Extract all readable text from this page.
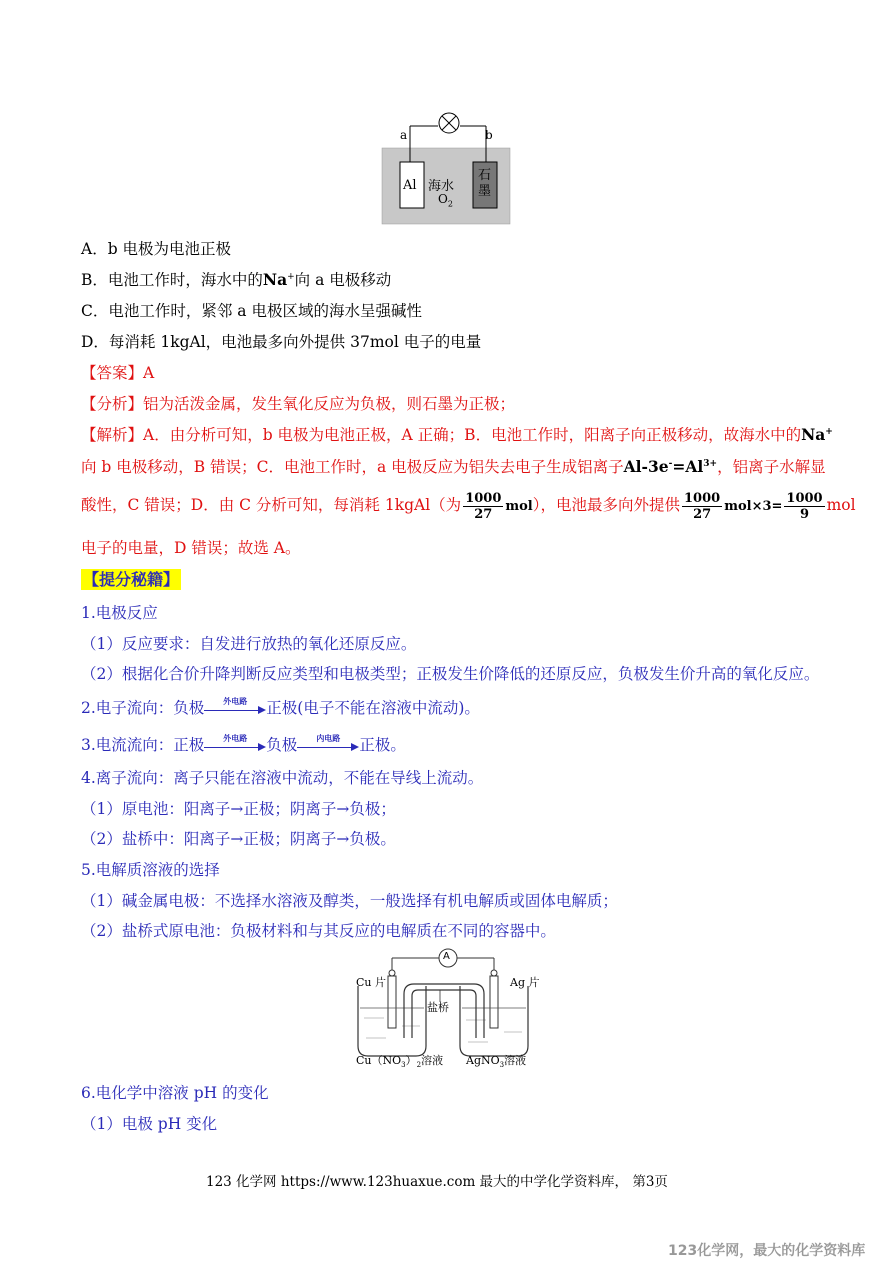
a	b
Al 海水
$O_2$
石
墨
A．b 电极为电池正极
B．电池工作时，海水中的Na+向 a 电极移动
C．电池工作时，紧邻 a 电极区域的海水呈强碱性
D．每消耗 1kgAl，电池最多向外提供 37mol 电子的电量
【答案】A
【分析】铝为活泼金属，发生氧化反应为负极，则石墨为正极；
【解析】A．由分析可知，b 电极为电池正极，A 正确；B．电池工作时，阳离子向正极移动，故海水中的Na+
向 b 电极移动，B 错误；C．电池工作时，a 电极反应为铝失去电子生成铝离子$Al-3e^-=Al^{3+}$，铝离子水解显
酸性，C 错误；D．由 C 分析可知，每消耗 1kgAl（为 $\frac{1000}{27} mol$），电池最多向外提供 $\frac{1000}{27} mol\times 3= \frac{1000}{9}$ mol
电子的电量，D 错误；故选 A。
【提分秘籍】
1.电极反应
（1）反应要求：自发进行放热的氧化还原反应。
（2）根据化合价升降判断反应类型和电极类型；正极发生价降低的还原反应，负极发生价升高的氧化反应。
2.电子流向：负极	外电路	正极(电子不能在溶液中流动)。
3.电流流向：正极	外电路	负极	内电路	正极。
4.离子流向：离子只能在溶液中流动，不能在导线上流动。
（1）原电池：阳离子→正极；阴离子→负极；
（2）盐桥中：阳离子→正极；阴离子→负极。
5.电解质溶液的选择
（1）碱金属电极：不选择水溶液及醇类，一般选择有机电解质或固体电解质；
（2）盐桥式原电池：负极材料和与其反应的电解质在不同的容器中。
A
Cu 片	Ag 片
盐桥
$Cu(NO_3)_2$溶液 AgNO$_3$溶液
6.电化学中溶液 pH 的变化
（1）电极 pH 变化
123 化学网 https://www.123huaxue.com 最大的中学化学资料库， 第3页
123化学网，最大的化学资料库
